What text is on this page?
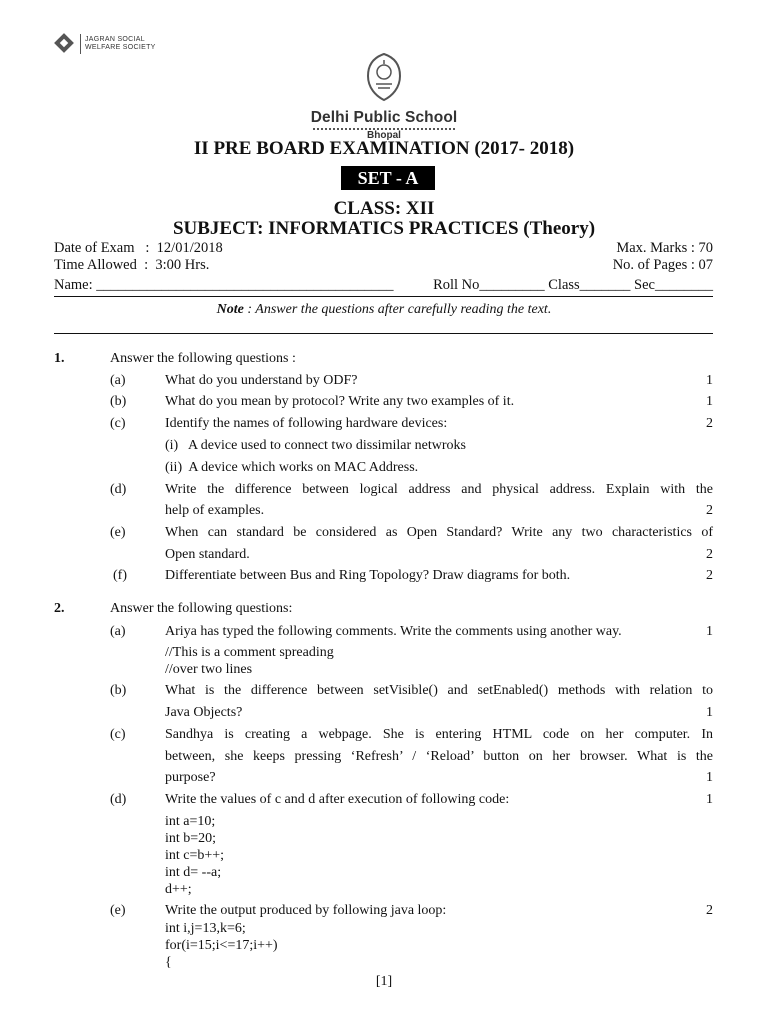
JAGRAN SOCIAL
WELFARE SOCIETY
Delhi Public School
Bhopal
II PRE BOARD EXAMINATION (2017- 2018)
SET - A
CLASS: XII
SUBJECT: INFORMATICS PRACTICES (Theory)
Date of Exam   :  12/01/2018	Max. Marks : 70
Time Allowed  :  3:00 Hrs.	No. of Pages : 07
Name: _________________________________________	Roll No_________ Class_______ Sec________
Note : Answer the questions after carefully reading the text.
1.	Answer the following questions :
(a)	What do you understand by ODF?	1
(b)	What do you mean by protocol? Write any two examples of it.	1
(c)	Identify the names of following hardware devices:	2
(i)   A device used to connect two dissimilar netwroks
(ii)  A device which works on MAC Address.
(d)	Write the difference between logical address and physical address. Explain with the
help of examples.	2
(e)	When can standard be considered as Open Standard? Write any two characteristics of
Open standard.	2
(f)	Differentiate between Bus and Ring Topology? Draw diagrams for both.	2
2.	Answer the following questions:
(a)	Ariya has typed the following comments. Write the comments using another way.	1
//This is a comment spreading
//over two lines
(b)	What is the difference between setVisible() and setEnabled() methods with relation to
Java Objects?	1
(c)	Sandhya is creating a webpage. She is entering HTML code on her computer. In
between, she keeps pressing ‘Refresh’ / ‘Reload’ button on her browser. What is the
purpose?	1
(d)	Write the values of c and d after execution of following code:	1
int a=10;
int b=20;
int c=b++;
int d= --a;
d++;
(e)	Write the output produced by following java loop:	2
int i,j=13,k=6;
for(i=15;i<=17;i++)
{
[1]
